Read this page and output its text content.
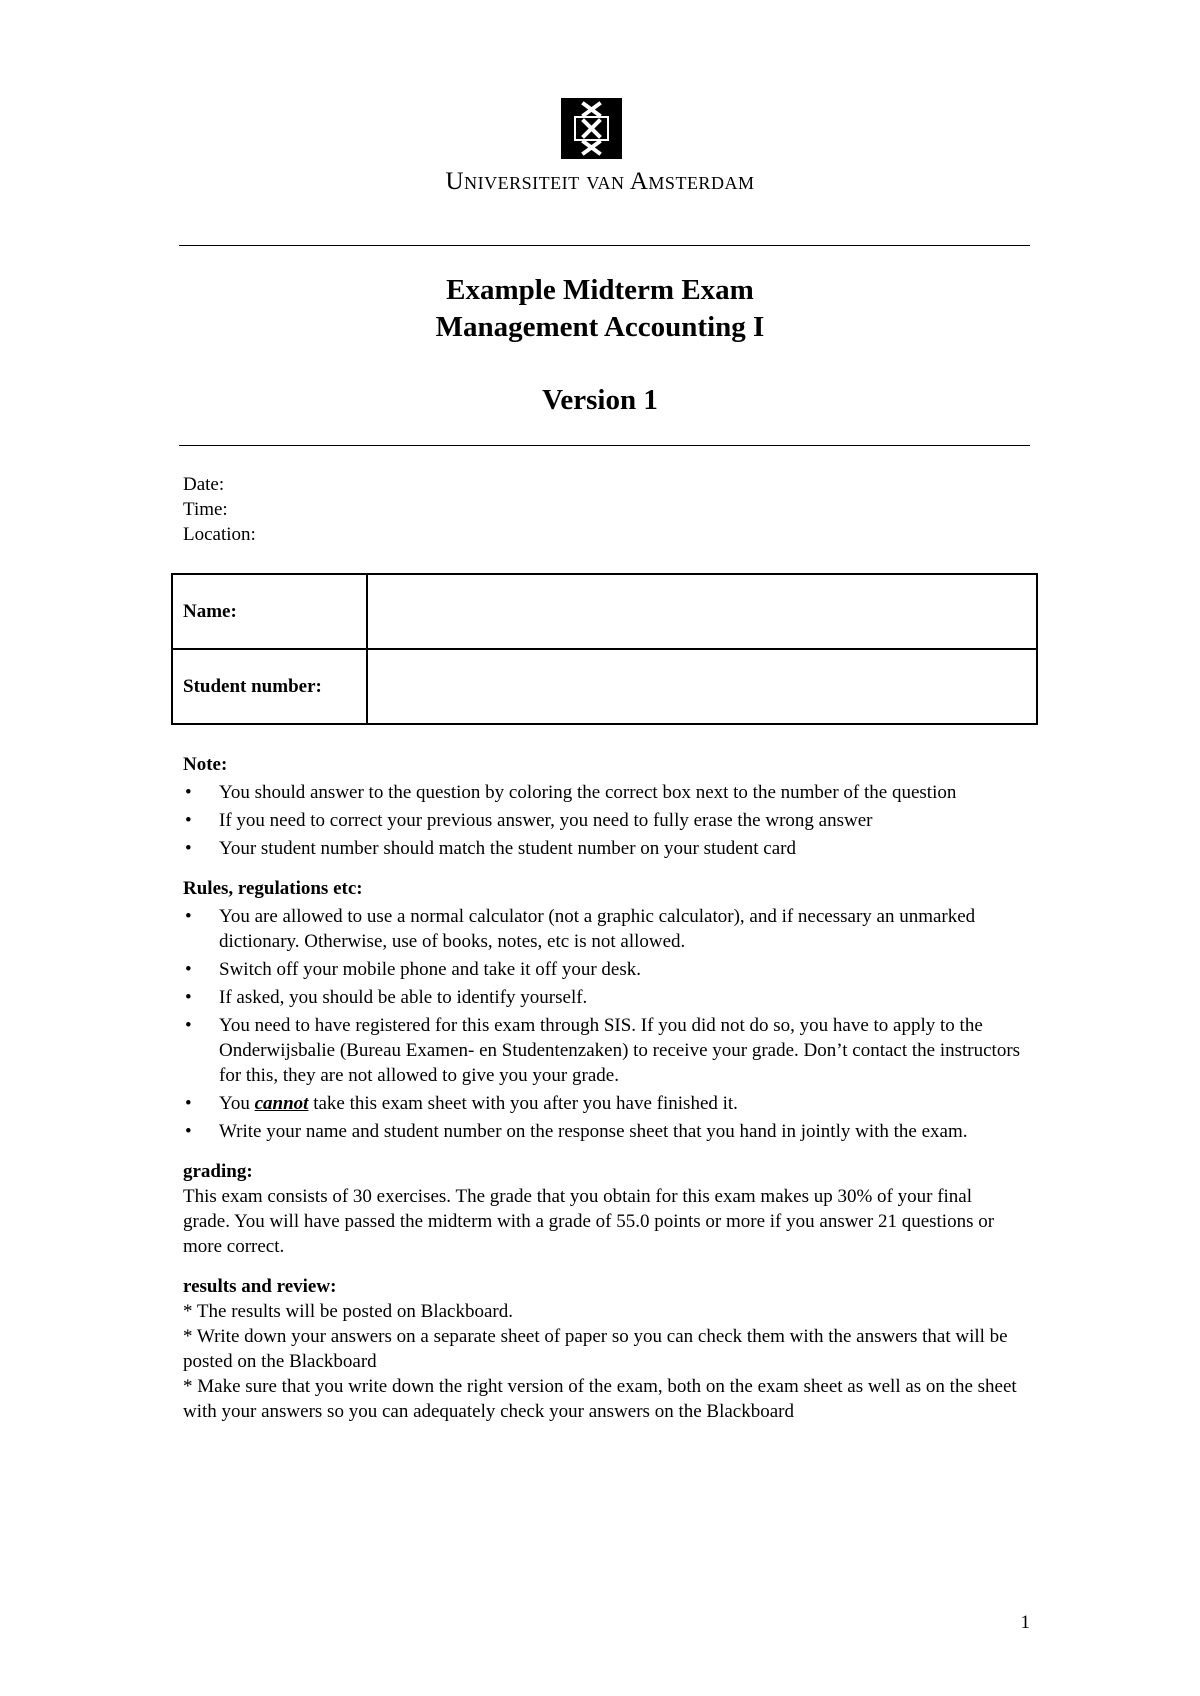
Universiteit van Amsterdam
Example Midterm Exam
Management Accounting I
Version 1
Date:
Time:
Location:
Name:	
Student number:	
Note:
• You should answer to the question by coloring the correct box next to the number of the question
• If you need to correct your previous answer, you need to fully erase the wrong answer
• Your student number should match the student number on your student card
Rules, regulations etc:
• You are allowed to use a normal calculator (not a graphic calculator), and if necessary an unmarked dictionary. Otherwise, use of books, notes, etc is not allowed.
• Switch off your mobile phone and take it off your desk.
• If asked, you should be able to identify yourself.
• You need to have registered for this exam through SIS. If you did not do so, you have to apply to the Onderwijsbalie (Bureau Examen- en Studentenzaken) to receive your grade. Don’t contact the instructors for this, they are not allowed to give you your grade.
• You cannot take this exam sheet with you after you have finished it.
• Write your name and student number on the response sheet that you hand in jointly with the exam.
grading:
This exam consists of 30 exercises. The grade that you obtain for this exam makes up 30% of your final grade. You will have passed the midterm with a grade of 55.0 points or more if you answer 21 questions or more correct.
results and review:
* The results will be posted on Blackboard.
* Write down your answers on a separate sheet of paper so you can check them with the answers that will be posted on the Blackboard
* Make sure that you write down the right version of the exam, both on the exam sheet as well as on the sheet with your answers so you can adequately check your answers on the Blackboard
1
